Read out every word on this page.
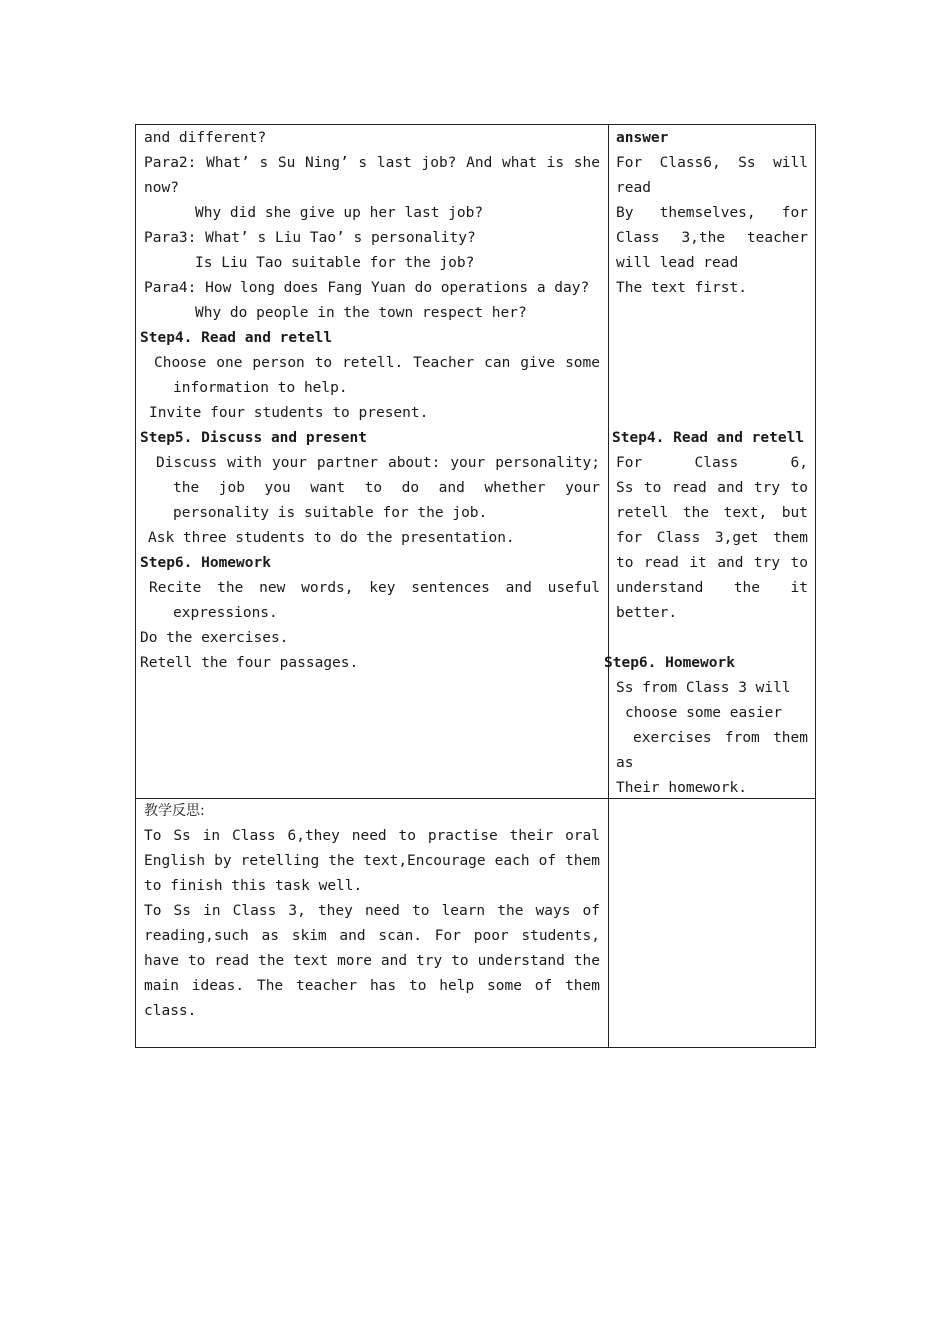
and different?
Para2: What’ s Su Ning’ s last job? And what is she
now?
Why did she give up her last job?
Para3: What’ s Liu Tao’ s personality?
Is Liu Tao suitable for the job?
Para4: How long does Fang Yuan do operations a day?
Why do people in the town respect her?
Step4. Read and retell
Choose one person to retell. Teacher can give some
information to help.
Invite four students to present.
Step5. Discuss and present
Discuss with your partner about: your personality;
the job you want to do and whether your
personality is suitable for the job.
Ask three students to do the presentation.
Step6. Homework
Recite the new words, key sentences and useful
expressions.
Do the exercises.
Retell the four passages.
answer
For Class6, Ss will
read
By themselves, for
Class 3,the teacher
will lead read
The text first.
Step4. Read and retell
For Class 6,
Ss to read and try to
retell the text, but
for Class 3,get them
to read it and try to
understand the it
better.
Step6. Homework
Ss from Class 3 will
choose some easier
exercises from them
as
Their homework.
教学反思:
To Ss in Class 6,they need to practise their oral
English by retelling the text,Encourage each of them
to finish this task well.
To Ss in Class 3, they need to learn the ways of
reading,such as skim and scan. For poor students,
have to read the text more and try to understand the
main ideas. The teacher has to help some of them
class.
